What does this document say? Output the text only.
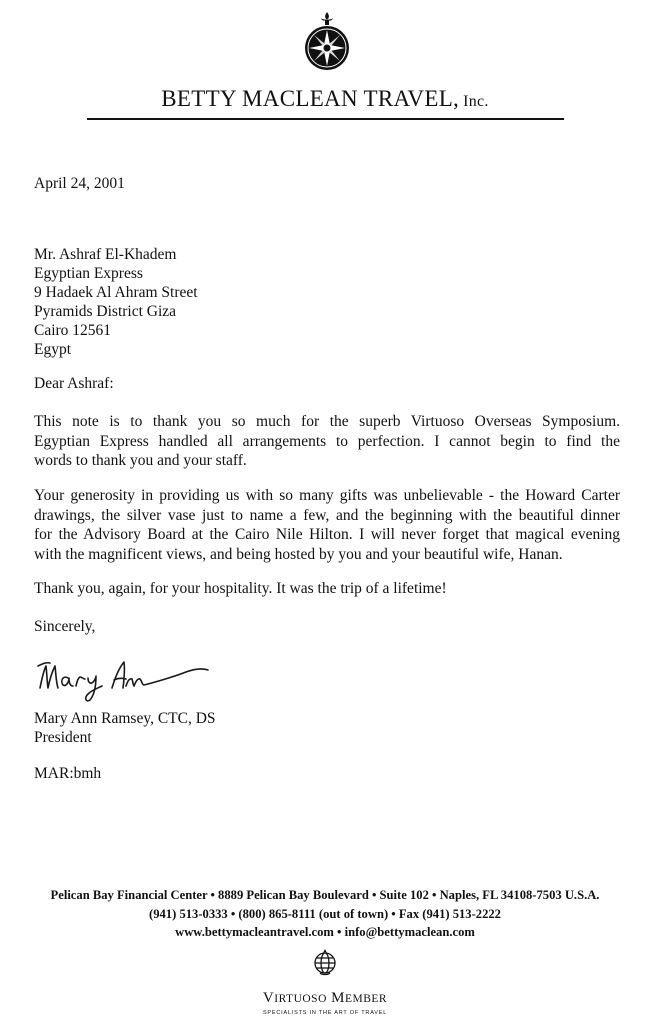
BETTY MACLEAN TRAVEL, Inc.
April 24, 2001
Mr. Ashraf El-Khadem
Egyptian Express
9 Hadaek Al Ahram Street
Pyramids District Giza
Cairo 12561
Egypt
Dear Ashraf:
This note is to thank you so much for the superb Virtuoso Overseas Symposium.
Egyptian Express handled all arrangements to perfection. I cannot begin to find the
words to thank you and your staff.
Your generosity in providing us with so many gifts was unbelievable - the Howard Carter
drawings, the silver vase just to name a few, and the beginning with the beautiful dinner
for the Advisory Board at the Cairo Nile Hilton. I will never forget that magical evening
with the magnificent views, and being hosted by you and your beautiful wife, Hanan.
Thank you, again, for your hospitality. It was the trip of a lifetime!
Sincerely,
Mary Ann Ramsey, CTC, DS
President
MAR:bmh
Pelican Bay Financial Center • 8889 Pelican Bay Boulevard • Suite 102 • Naples, FL 34108-7503 U.S.A.
(941) 513-0333 • (800) 865-8111 (out of town) • Fax (941) 513-2222
www.bettymacleantravel.com • info@bettymaclean.com
VIRTUOSO MEMBER
SPECIALISTS IN THE ART OF TRAVEL
